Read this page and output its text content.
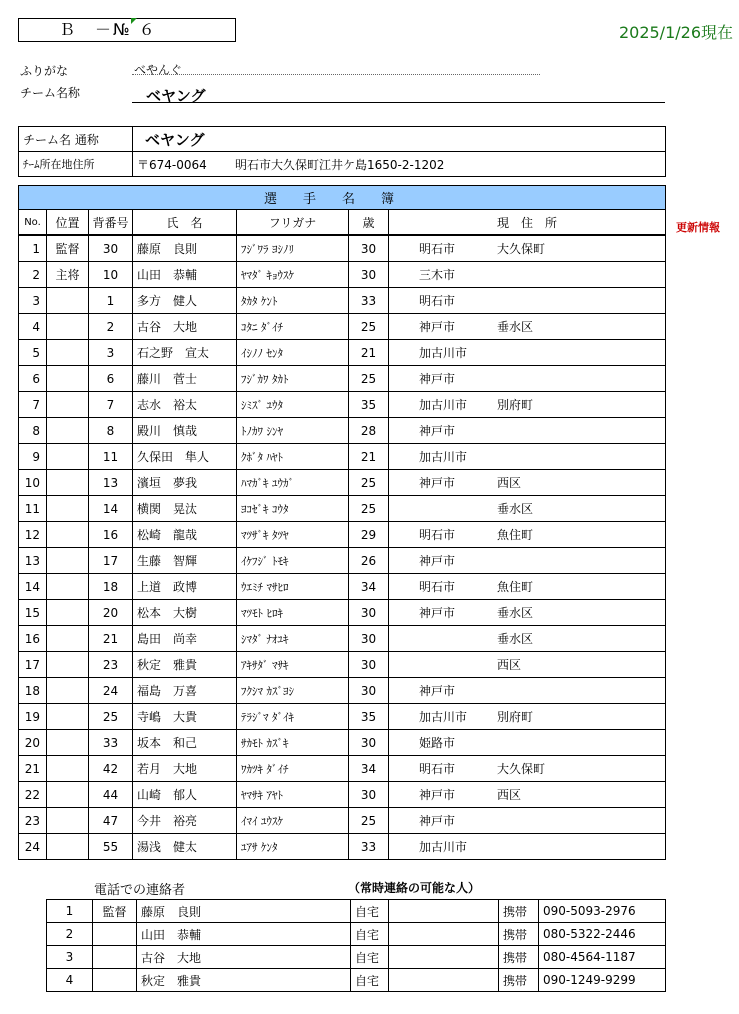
Ｂ　－№ ６	2025/1/26現在
ふりがな	べやんぐ
チーム名称	ベヤング
チーム名 通称	ベヤング	
ﾁｰﾑ所在地住所	〒674-0064	明石市大久保町江井ケ島1650-2-1202
更新情報
選手名簿						
No.	位置	背番号	氏　名	フリガナ	歳	現　住　所
1	監督	30	藤原　良則	ﾌｼﾞﾜﾗ ﾖｼﾉﾘ	30	明石市 大久保町
2	主将	10	山田　恭輔	ﾔﾏﾀﾞ ｷｮｳｽｹ	30	三木市
3		1	多方　健人	ﾀｶﾀ ｹﾝﾄ	33	明石市
4		2	古谷　大地	ｺﾀﾆ ﾀﾞｲﾁ	25	神戸市 垂水区
5		3	石之野　宣太	ｲｼﾉﾉ ｾﾝﾀ	21	加古川市
6		6	藤川　菅士	ﾌｼﾞｶﾜ ﾀｶﾄ	25	神戸市
7		7	志水　裕太	ｼﾐｽﾞ ﾕｳﾀ	35	加古川市 別府町
8		8	殿川　慎哉	ﾄﾉｶﾜ ｼﾝﾔ	28	神戸市
9		11	久保田　隼人	ｸﾎﾞﾀ ﾊﾔﾄ	21	加古川市
10		13	濱垣　夢我	ﾊﾏｶﾞｷ ﾕｳｶﾞ	25	神戸市 西区
11		14	横関　晃汰	ﾖｺｾﾞｷ ｺｳﾀ	25	垂水区
12		16	松崎　龍哉	ﾏﾂｻﾞｷ ﾀﾂﾔ	29	明石市 魚住町
13		17	生藤　智輝	ｲｹﾌｼﾞ ﾄﾓｷ	26	神戸市
14		18	上道　政博	ｳｴﾐﾁ ﾏｻﾋﾛ	34	明石市 魚住町
15		20	松本　大樹	ﾏﾂﾓﾄ ﾋﾛｷ	30	神戸市 垂水区
16		21	島田　尚幸	ｼﾏﾀﾞ ﾅｵﾕｷ	30	垂水区
17		23	秋定　雅貴	ｱｷｻﾀﾞ ﾏｻｷ	30	西区
18		24	福島　万喜	ﾌｸｼﾏ ｶｽﾞﾖｼ	30	神戸市
19		25	寺嶋　大貴	ﾃﾗｼﾞﾏ ﾀﾞｲｷ	35	加古川市 別府町
20		33	坂本　和己	ｻｶﾓﾄ ｶｽﾞｷ	30	姫路市
21		42	若月　大地	ﾜｶﾂｷ ﾀﾞｲﾁ	34	明石市 大久保町
22		44	山崎　郁人	ﾔﾏｻｷ ｱﾔﾄ	30	神戸市 西区
23		47	今井　裕亮	ｲﾏｲ ﾕｳｽｹ	25	神戸市
24		55	湯浅　健太	ﾕｱｻ ｹﾝﾀ	33	加古川市
電話での連絡者	（常時連絡の可能な人）
1	監督	藤原　良則	自宅		携帯	090-5093-2976
2		山田　恭輔	自宅		携帯	080-5322-2446
3		古谷　大地	自宅		携帯	080-4564-1187
4		秋定　雅貴	自宅		携帯	090-1249-9299
